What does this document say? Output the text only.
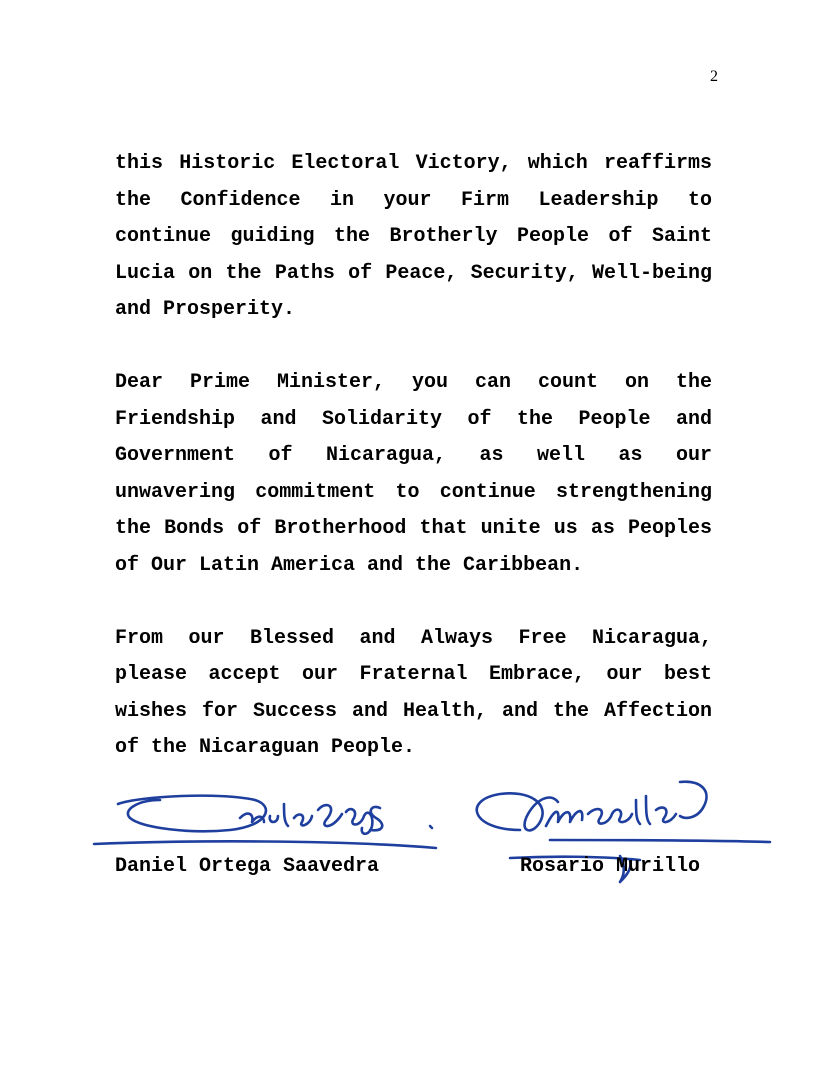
2

this Historic Electoral Victory, which reaffirms the Confidence in your Firm Leadership to continue guiding the Brotherly People of Saint Lucia on the Paths of Peace, Security, Well-being and Prosperity.

Dear Prime Minister, you can count on the Friendship and Solidarity of the People and Government of Nicaragua, as well as our unwavering commitment to continue strengthening the Bonds of Brotherhood that unite us as Peoples of Our Latin America and the Caribbean.

From our Blessed and Always Free Nicaragua, please accept our Fraternal Embrace, our best wishes for Success and Health, and the Affection of the Nicaraguan People.

Daniel Ortega Saavedra	Rosario Murillo
